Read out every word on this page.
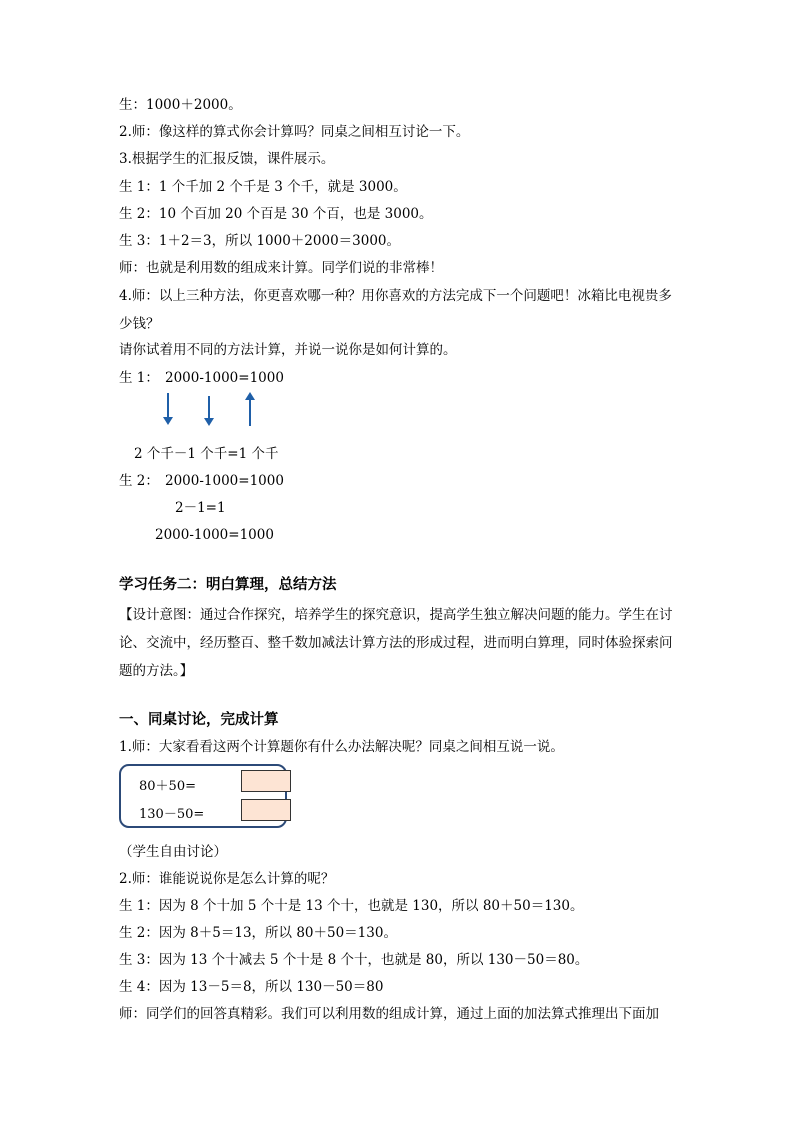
生：1000＋2000。
2.师：像这样的算式你会计算吗？同桌之间相互讨论一下。
3.根据学生的汇报反馈，课件展示。
生 1：1 个千加 2 个千是 3 个千，就是 3000。
生 2：10 个百加 20 个百是 30 个百，也是 3000。
生 3：1＋2＝3，所以 1000＋2000＝3000。
师：也就是利用数的组成来计算。同学们说的非常棒！
4.师：以上三种方法，你更喜欢哪一种？用你喜欢的方法完成下一个问题吧！冰箱比电视贵多少钱？
请你试着用不同的方法计算，并说一说你是如何计算的。
生 1： 2000-1000=1000
2 个千－1 个千=1 个千
生 2： 2000-1000=1000
2－1=1
2000-1000=1000
学习任务二：明白算理，总结方法
【设计意图：通过合作探究，培养学生的探究意识，提高学生独立解决问题的能力。学生在讨论、交流中，经历整百、整千数加减法计算方法的形成过程，进而明白算理，同时体验探索问题的方法。】
一、同桌讨论，完成计算
1.师：大家看看这两个计算题你有什么办法解决呢？同桌之间相互说一说。
80＋50=
130－50=
（学生自由讨论）
2.师：谁能说说你是怎么计算的呢？
生 1：因为 8 个十加 5 个十是 13 个十，也就是 130，所以 80＋50＝130。
生 2：因为 8＋5＝13，所以 80＋50＝130。
生 3：因为 13 个十减去 5 个十是 8 个十，也就是 80，所以 130－50＝80。
生 4：因为 13－5＝8，所以 130－50＝80
师：同学们的回答真精彩。我们可以利用数的组成计算，通过上面的加法算式推理出下面加
